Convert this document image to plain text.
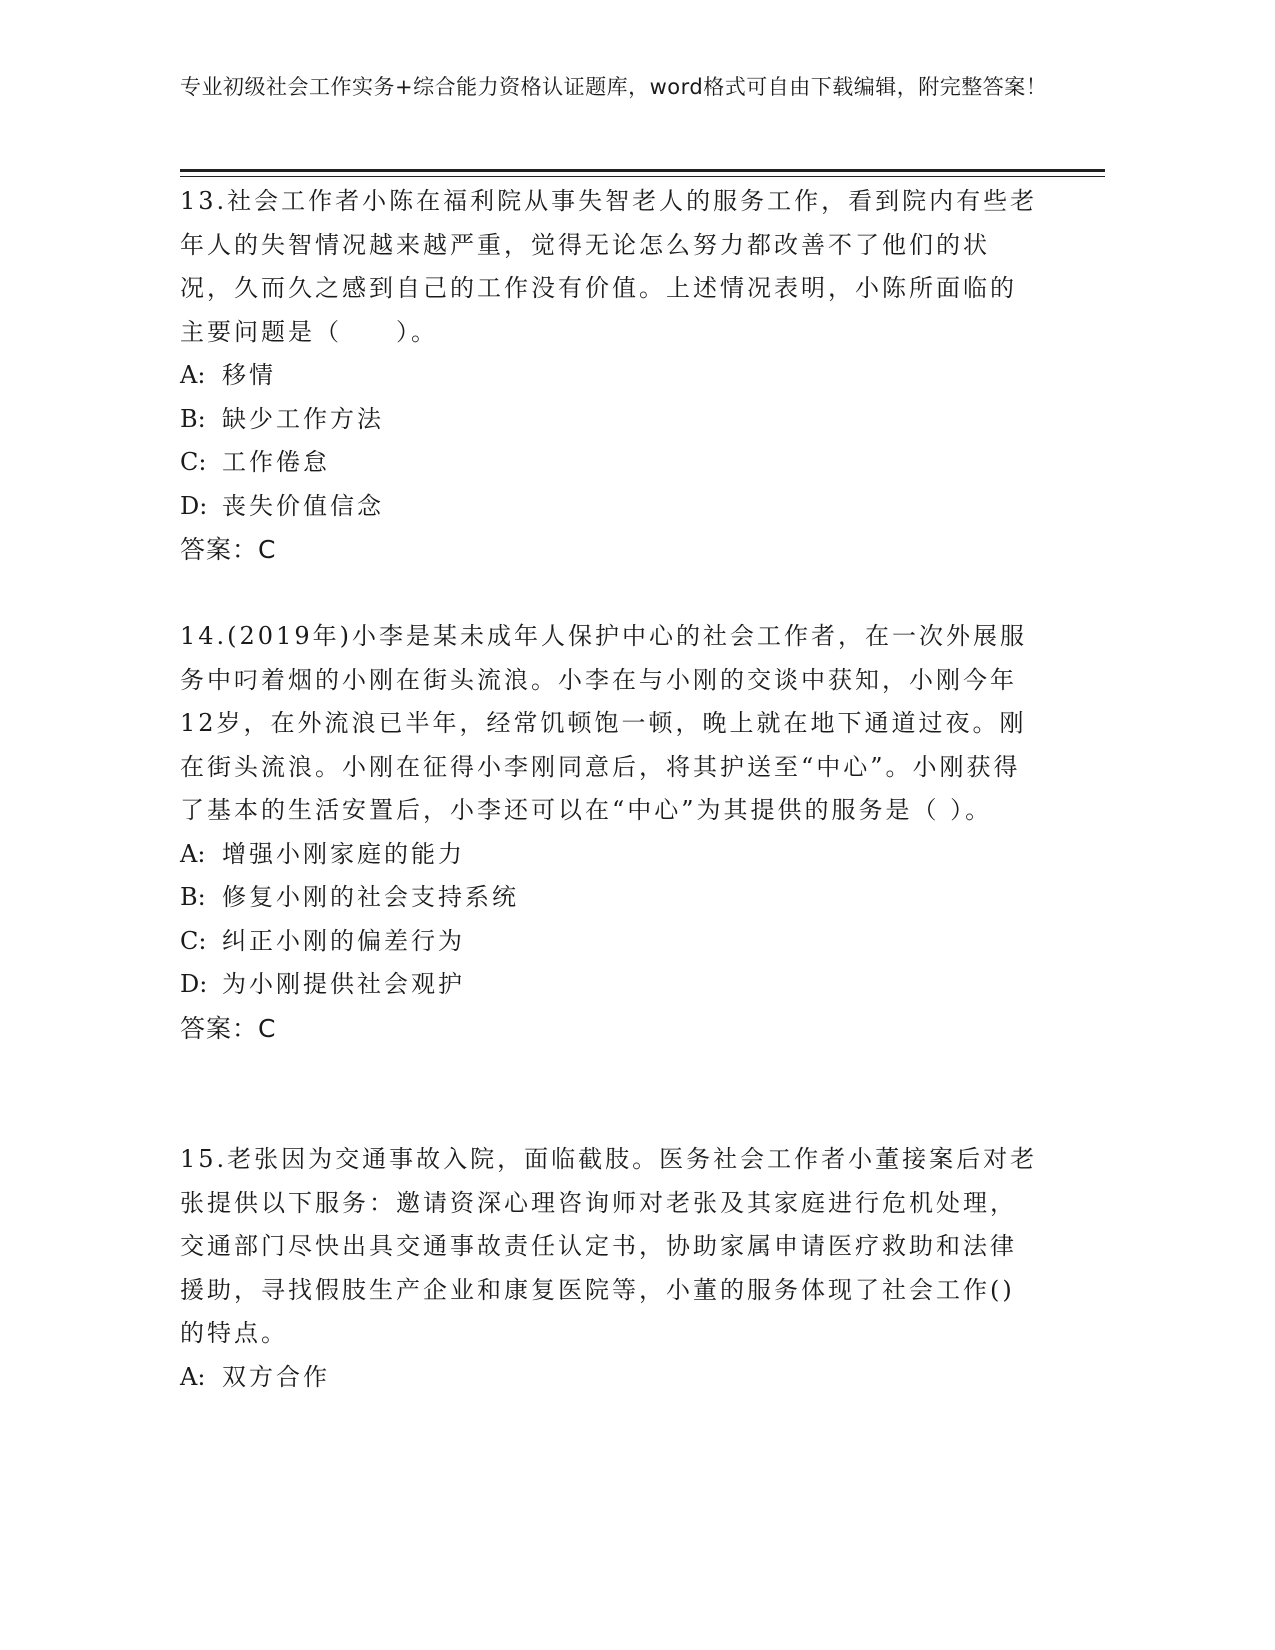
专业初级社会工作实务+综合能力资格认证题库，word格式可自由下载编辑，附完整答案！

13.社会工作者小陈在福利院从事失智老人的服务工作，看到院内有些老年人的失智情况越来越严重，觉得无论怎么努力都改善不了他们的状况，久而久之感到自己的工作没有价值。上述情况表明，小陈所面临的主要问题是（　　）。

A: 移情

B: 缺少工作方法

C: 工作倦怠

D: 丧失价值信念

答案：C

14.(2019年)小李是某未成年人保护中心的社会工作者，在一次外展服务中叼着烟的小刚在街头流浪。小李在与小刚的交谈中获知，小刚今年12岁，在外流浪已半年，经常饥顿饱一顿，晚上就在地下通道过夜。刚在街头流浪。小刚在征得小李刚同意后，将其护送至“中心”。小刚获得了基本的生活安置后，小李还可以在“中心”为其提供的服务是（ ）。

A: 增强小刚家庭的能力

B: 修复小刚的社会支持系统

C: 纠正小刚的偏差行为

D: 为小刚提供社会观护

答案：C

15.老张因为交通事故入院，面临截肢。医务社会工作者小董接案后对老张提供以下服务：邀请资深心理咨询师对老张及其家庭进行危机处理，交通部门尽快出具交通事故责任认定书，协助家属申请医疗救助和法律援助，寻找假肢生产企业和康复医院等，小董的服务体现了社会工作()的特点。

A: 双方合作
